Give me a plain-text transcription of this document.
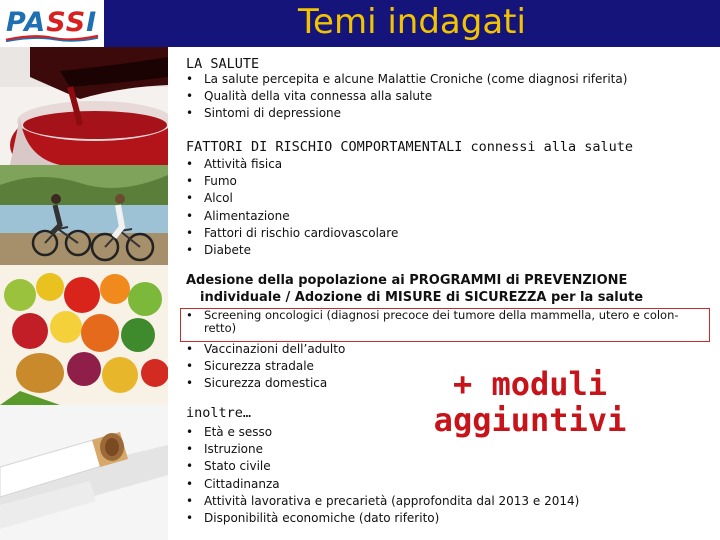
PASSI	Temi indagati
LA SALUTE
• La salute percepita e alcune Malattie Croniche (come diagnosi riferita)
• Qualità della vita connessa alla salute
• Sintomi di depressione
FATTORI DI RISCHIO COMPORTAMENTALI connessi alla salute
• Attività fisica
• Fumo
• Alcol
• Alimentazione
• Fattori di rischio cardiovascolare
• Diabete
Adesione della popolazione ai PROGRAMMI di PREVENZIONE
individuale / Adozione di MISURE di SICUREZZA per la salute
• Screening oncologici (diagnosi precoce dei tumore della mammella, utero e colon-
retto)
• Vaccinazioni dell’adulto
• Sicurezza stradale
• Sicurezza domestica	+ moduli
aggiuntivi
inoltre…
• Età e sesso
• Istruzione
• Stato civile
• Cittadinanza
• Attività lavorativa e precarietà (approfondita dal 2013 e 2014)
• Disponibilità economiche (dato riferito)
